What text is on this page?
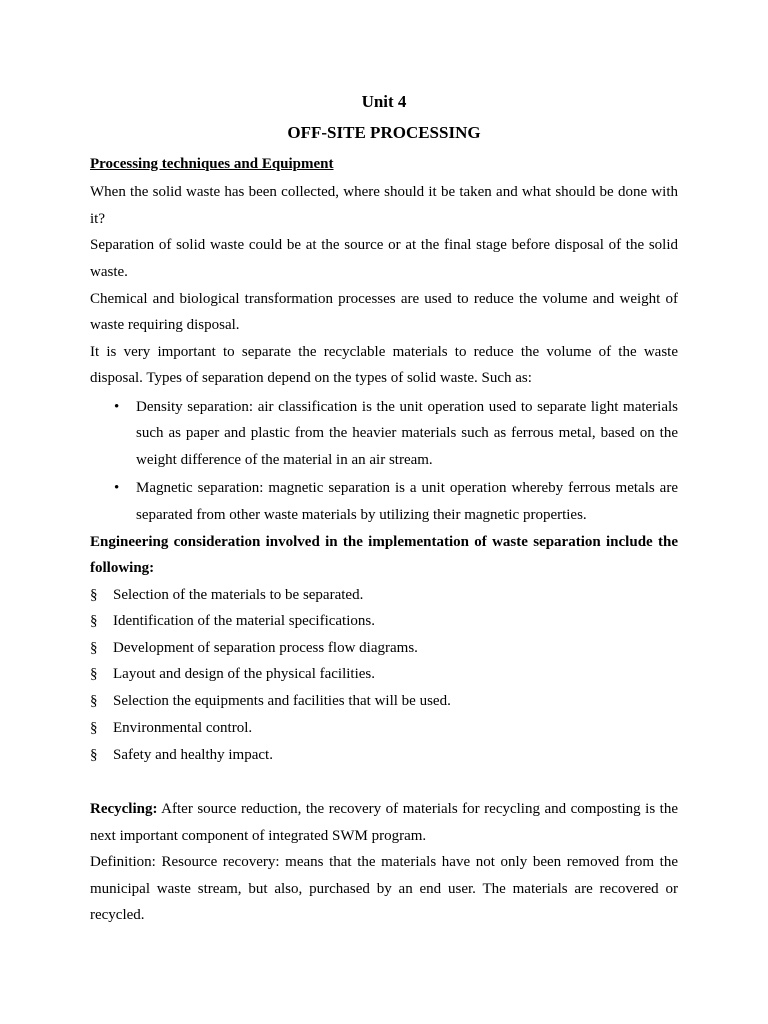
Unit 4
OFF-SITE PROCESSING
Processing techniques and Equipment
When the solid waste has been collected, where should it be taken and what should be done with
it?
Separation of solid waste could be at the source or at the final stage before disposal of the solid
waste.
Chemical and biological transformation processes are used to reduce the volume and weight of
waste requiring disposal.
It is very important to separate the recyclable materials to reduce the volume of the waste
disposal. Types of separation depend on the types of solid waste. Such as:
•	Density separation: air classification is the unit operation used to separate light materials
such as paper and plastic from the heavier materials such as ferrous metal, based on the
weight difference of the material in an air stream.
•	Magnetic separation: magnetic separation is a unit operation whereby ferrous metals are
separated from other waste materials by utilizing their magnetic properties.
Engineering consideration involved in the implementation of waste separation include the
following:
§	Selection of the materials to be separated.
§	Identification of the material specifications.
§	Development of separation process flow diagrams.
§	Layout and design of the physical facilities.
§	Selection the equipments and facilities that will be used.
§	Environmental control.
§	Safety and healthy impact.
Recycling: After source reduction, the recovery of materials for recycling and composting is the
next important component of integrated SWM program.
Definition: Resource recovery: means that the materials have not only been removed from the
municipal waste stream, but also, purchased by an end user. The materials are recovered or
recycled.
